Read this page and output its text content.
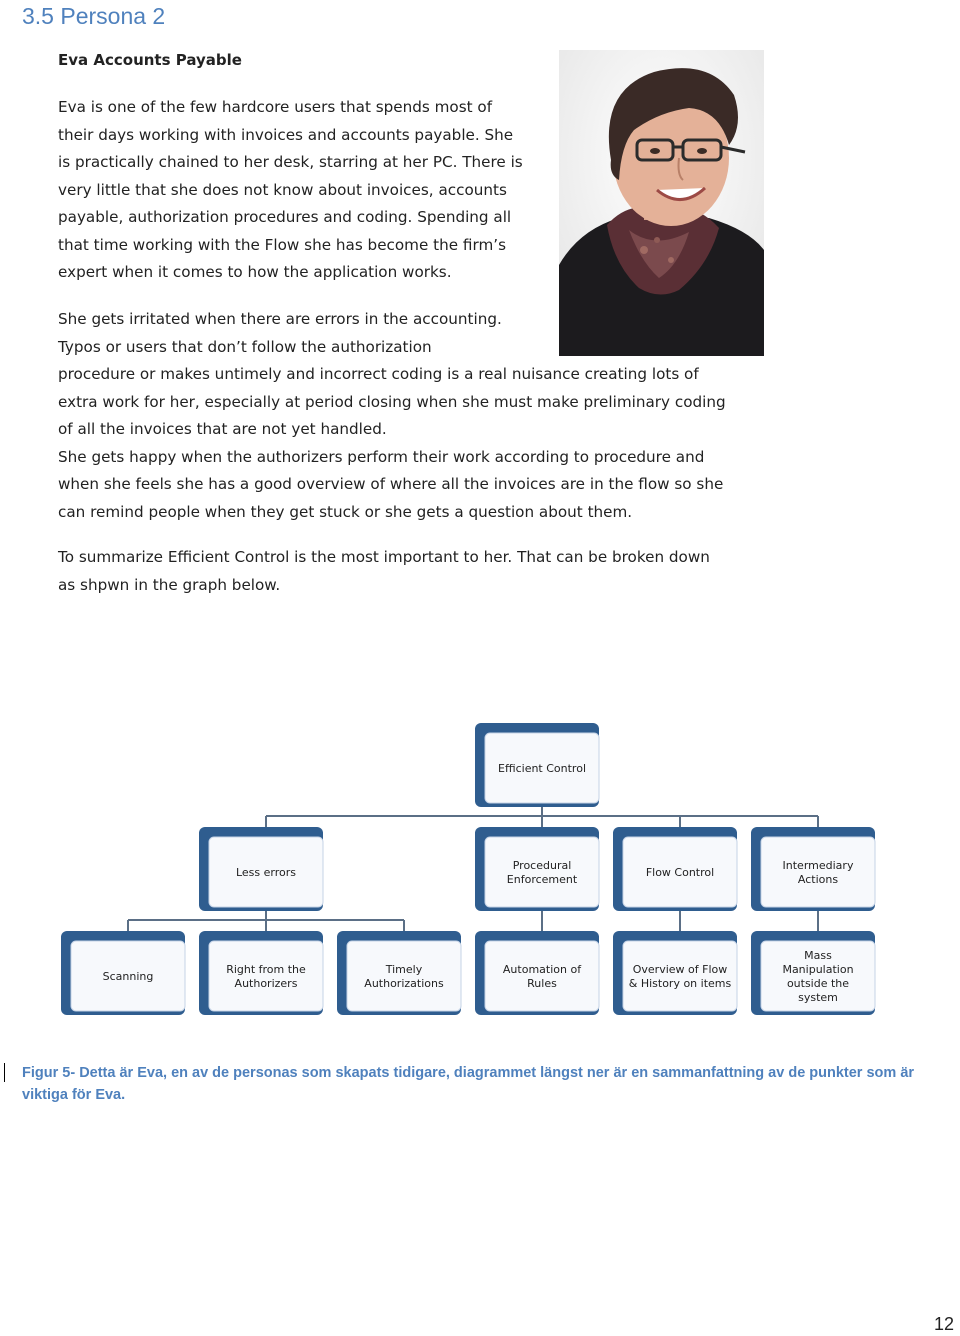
3.5 Persona 2
Eva Accounts Payable
Eva is one of the few hardcore users that spends most of
their days working with invoices and accounts payable. She
is practically chained to her desk, starring at her PC. There is
very little that she does not know about invoices, accounts
payable, authorization procedures and coding. Spending all
that time working with the Flow she has become the firm’s
expert when it comes to how the application works.
She gets irritated when there are errors in the accounting.
Typos or users that don’t follow the authorization
procedure or makes untimely and incorrect coding is a real nuisance creating lots of
extra work for her, especially at period closing when she must make preliminary coding
of all the invoices that are not yet handled.
She gets happy when the authorizers perform their work according to procedure and
when she feels she has a good overview of where all the invoices are in the flow so she
can remind people when they get stuck or she gets a question about them.
To summarize Efficient Control is the most important to her. That can be broken down
as shpwn in the graph below.
Efficient Control
Less errors
Procedural Enforcement
Flow Control
Intermediary Actions
Scanning
Right from the Authorizers
Timely Authorizations
Automation of Rules
Overview of Flow & History on items
Mass Manipulation outside the system
Figur 5- Detta är Eva, en av de personas som skapats tidigare, diagrammet längst ner är en sammanfattning av de punkter som är viktiga för Eva.
12
